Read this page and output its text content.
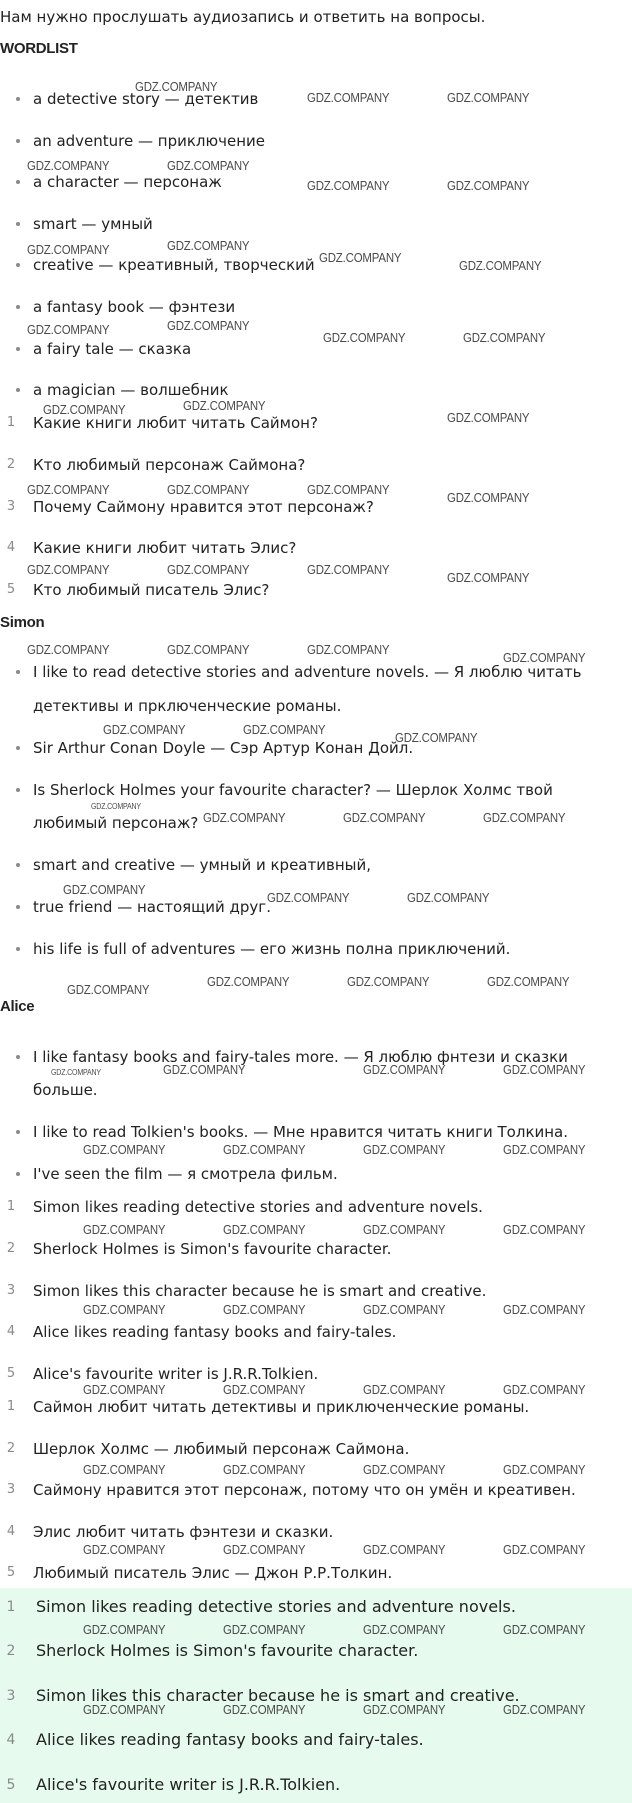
Нам нужно прослушать аудиозапись и ответить на вопросы.
WORDLIST
a detective story — детектив
an adventure — приключение
a character — персонаж
smart — умный
creative — креативный, творческий
a fantasy book — фэнтези
a fairy tale — сказка
a magician — волшебник
1	Какие книги любит читать Саймон?
2	Кто любимый персонаж Саймона?
3	Почему Саймону нравится этот персонаж?
4	Какие книги любит читать Элис?
5	Кто любимый писатель Элис?
Simon
I like to read detective stories and adventure novels. — Я люблю читать
детективы и прключенческие романы.
Sir Arthur Conan Doyle — Сэр Артур Конан Дойл.
Is Sherlock Holmes your favourite character? — Шерлок Холмс твой
любимый персонаж?
smart and creative — умный и креативный,
true friend — настоящий друг.
his life is full of adventures — его жизнь полна приключений.
Alice
I like fantasy books and fairy-tales more. — Я люблю фнтези и сказки
больше.
I like to read Tolkien's books. — Мне нравится читать книги Толкина.
I've seen the film — я смотрела фильм.
1	Simon likes reading detective stories and adventure novels.
2	Sherlock Holmes is Simon's favourite character.
3	Simon likes this character because he is smart and creative.
4	Alice likes reading fantasy books and fairy-tales.
5	Alice's favourite writer is J.R.R.Tolkien.
1	Саймон любит читать детективы и приключенческие романы.
2	Шерлок Холмс — любимый персонаж Саймона.
3	Саймону нравится этот персонаж, потому что он умён и креативен.
4	Элис любит читать фэнтези и сказки.
5	Любимый писатель Элис — Джон Р.Р.Толкин.
1	Simon likes reading detective stories and adventure novels.
2	Sherlock Holmes is Simon's favourite character.
3	Simon likes this character because he is smart and creative.
4	Alice likes reading fantasy books and fairy-tales.
5	Alice's favourite writer is J.R.R.Tolkien.
GDZ.COMPANY
GDZ.COMPANY	GDZ.COMPANY
GDZ.COMPANY	GDZ.COMPANY
GDZ.COMPANY	GDZ.COMPANY
GDZ.COMPANY	GDZ.COMPANY
GDZ.COMPANY
GDZ.COMPANY
GDZ.COMPANY	GDZ.COMPANY
GDZ.COMPANY	GDZ.COMPANY
GDZ.COMPANY	GDZ.COMPANY
GDZ.COMPANY
GDZ.COMPANY	GDZ.COMPANY	GDZ.COMPANY
GDZ.COMPANY
GDZ.COMPANY	GDZ.COMPANY	GDZ.COMPANY
GDZ.COMPANY
GDZ.COMPANY	GDZ.COMPANY	GDZ.COMPANY
GDZ.COMPANY
GDZ.COMPANY	GDZ.COMPANY
GDZ.COMPANY
GDZ.COMPANY	GDZ.COMPANY	GDZ.COMPANY
GDZ.COMPANY
GDZ.COMPANY	GDZ.COMPANY
GDZ.COMPANY
GDZ.COMPANY	GDZ.COMPANY	GDZ.COMPANY
GDZ.COMPANY	GDZ.COMPANY	GDZ.COMPANY
GDZ.COMPANY	GDZ.COMPANY	GDZ.COMPANY	GDZ.COMPANY
GDZ.COMPANY	GDZ.COMPANY	GDZ.COMPANY	GDZ.COMPANY
GDZ.COMPANY	GDZ.COMPANY	GDZ.COMPANY	GDZ.COMPANY
GDZ.COMPANY	GDZ.COMPANY	GDZ.COMPANY	GDZ.COMPANY
GDZ.COMPANY	GDZ.COMPANY	GDZ.COMPANY	GDZ.COMPANY
GDZ.COMPANY	GDZ.COMPANY	GDZ.COMPANY	GDZ.COMPANY
GDZ.COMPANY	GDZ.COMPANY	GDZ.COMPANY	GDZ.COMPANY
GDZ.COMPANY	GDZ.COMPANY	GDZ.COMPANY	GDZ.COMPANY
GDZ.COMPANY
GDZ.COMPANY
